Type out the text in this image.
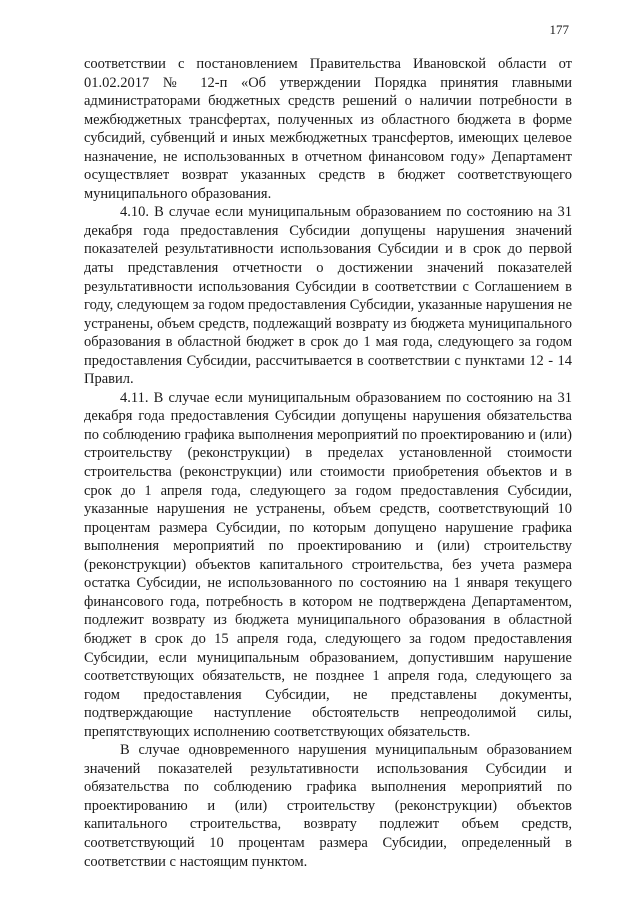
177

соответствии с постановлением Правительства Ивановской области от 01.02.2017 № 12-п «Об утверждении Порядка принятия главными администраторами бюджетных средств решений о наличии потребности в межбюджетных трансфертах, полученных из областного бюджета в форме субсидий, субвенций и иных межбюджетных трансфертов, имеющих целевое назначение, не использованных в отчетном финансовом году» Департамент осуществляет возврат указанных средств в бюджет соответствующего муниципального образования.

4.10. В случае если муниципальным образованием по состоянию на 31 декабря года предоставления Субсидии допущены нарушения значений показателей результативности использования Субсидии и в срок до первой даты представления отчетности о достижении значений показателей результативности использования Субсидии в соответствии с Соглашением в году, следующем за годом предоставления Субсидии, указанные нарушения не устранены, объем средств, подлежащий возврату из бюджета муниципального образования в областной бюджет в срок до 1 мая года, следующего за годом предоставления Субсидии, рассчитывается в соответствии с пунктами 12 - 14 Правил.

4.11. В случае если муниципальным образованием по состоянию на 31 декабря года предоставления Субсидии допущены нарушения обязательства по соблюдению графика выполнения мероприятий по проектированию и (или) строительству (реконструкции) в пределах установленной стоимости строительства (реконструкции) или стоимости приобретения объектов и в срок до 1 апреля года, следующего за годом предоставления Субсидии, указанные нарушения не устранены, объем средств, соответствующий 10 процентам размера Субсидии, по которым допущено нарушение графика выполнения мероприятий по проектированию и (или) строительству (реконструкции) объектов капитального строительства, без учета размера остатка Субсидии, не использованного по состоянию на 1 января текущего финансового года, потребность в котором не подтверждена Департаментом, подлежит возврату из бюджета муниципального образования в областной бюджет в срок до 15 апреля года, следующего за годом предоставления Субсидии, если муниципальным образованием, допустившим нарушение соответствующих обязательств, не позднее 1 апреля года, следующего за годом предоставления Субсидии, не представлены документы, подтверждающие наступление обстоятельств непреодолимой силы, препятствующих исполнению соответствующих обязательств.

В случае одновременного нарушения муниципальным образованием значений показателей результативности использования Субсидии и обязательства по соблюдению графика выполнения мероприятий по проектированию и (или) строительству (реконструкции) объектов капитального строительства, возврату подлежит объем средств, соответствующий 10 процентам размера Субсидии, определенный в соответствии с настоящим пунктом.
